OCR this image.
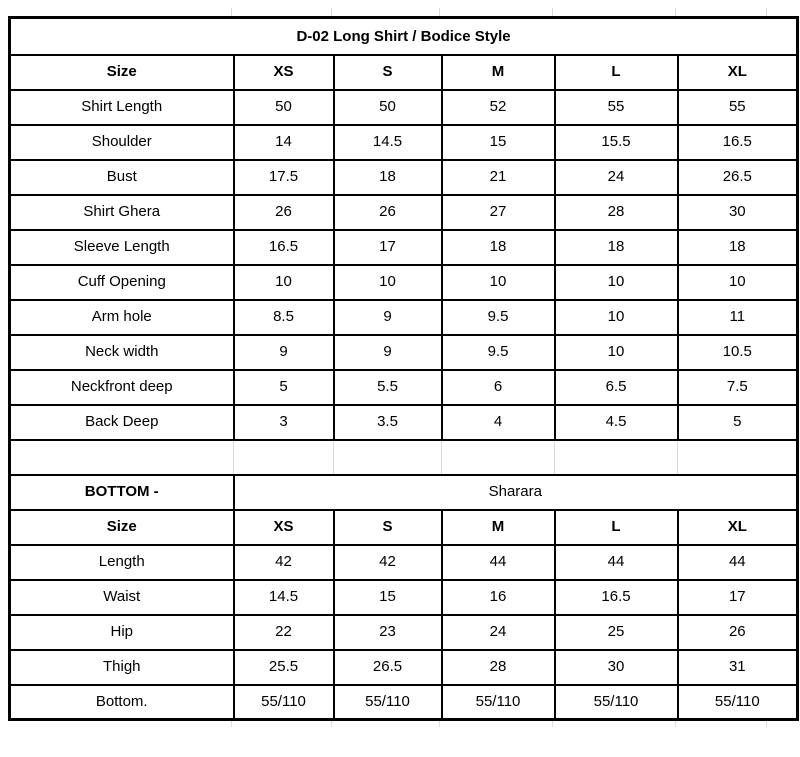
D-02 Long Shirt / Bodice Style					
Size	XS	S	M	L	XL
Shirt Length	50	50	52	55	55
Shoulder	14	14.5	15	15.5	16.5
Bust	17.5	18	21	24	26.5
Shirt Ghera	26	26	27	28	30
Sleeve Length	16.5	17	18	18	18
Cuff Opening	10	10	10	10	10
Arm hole	8.5	9	9.5	10	11
Neck width	9	9	9.5	10	10.5
Neckfront deep	5	5.5	6	6.5	7.5
Back Deep	3	3.5	4	4.5	5

BOTTOM -	Sharara				
Size	XS	S	M	L	XL
Length	42	42	44	44	44
Waist	14.5	15	16	16.5	17
Hip	22	23	24	25	26
Thigh	25.5	26.5	28	30	31
Bottom.	55/110	55/110	55/110	55/110	55/110
